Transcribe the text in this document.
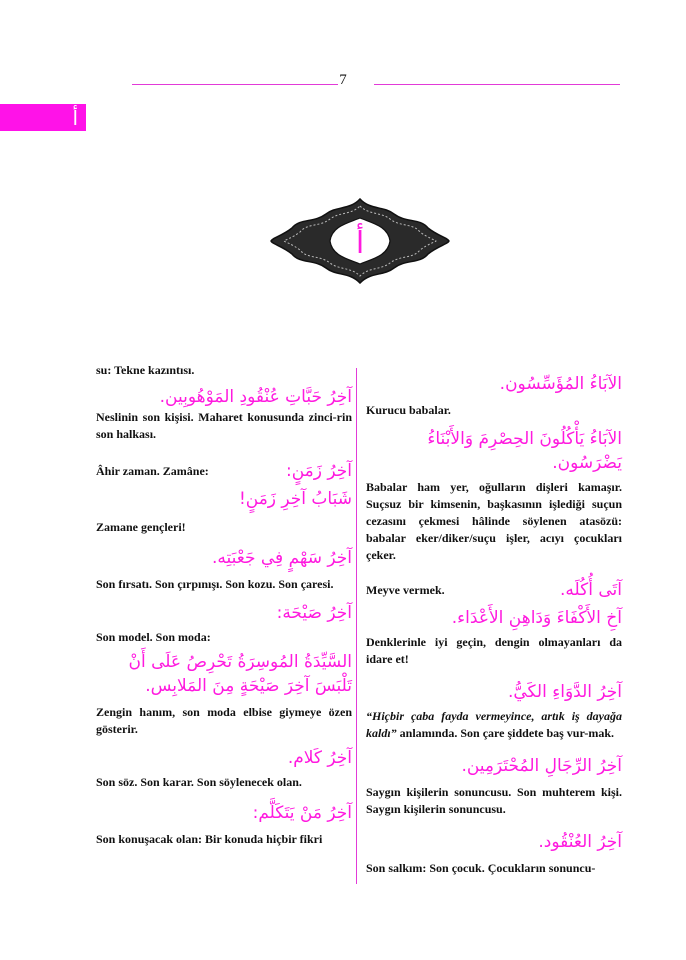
7
أ
أ

su: Tekne kazıntısı.

آخِرُ حَبَّاتِ عُنْقُودِ المَوْهُوبِين.

Neslinin son kişisi. Maharet konusunda zinci-rin son halkası.

Âhir zaman. Zamâne:	آخِرُ زَمَنٍ:

شَبَابُ آخِرِ زَمَنٍ!

Zamane gençleri!

آخِرُ سَهْمٍ فِي جَعْبَتِه.

Son fırsatı. Son çırpınışı. Son kozu. Son çaresi.

آخِرُ صَيْحَة:

Son model. Son moda:

السَّيِّدَةُ المُوسِرَةُ تَحْرِصُ عَلَى أَنْ تَلْبَسَ آخِرَ صَيْحَةٍ مِنَ المَلابِس.

Zengin hanım, son moda elbise giymeye özen gösterir.

آخِرُ كَلام.

Son söz. Son karar. Son söylenecek olan.

آخِرُ مَنْ يَتَكَلَّم:

Son konuşacak olan: Bir konuda hiçbir fikri

الآبَاءُ المُؤَسِّسُون.

Kurucu babalar.

الآبَاءُ يَأْكُلُونَ الحِصْرِمَ وَالأَبْنَاءُ يَضْرَسُون.

Babalar ham yer, oğulların dişleri kamaşır. Suçsuz bir kimsenin, başkasının işlediği suçun cezasını çekmesi hâlinde söylenen atasözü: babalar eker/diker/suçu işler, acıyı çocukları çeker.

Meyve vermek.	آتَى أُكُلَه.

آخِ الأَكْفَاءَ وَدَاهِنِ الأَعْدَاء.

Denklerinle iyi geçin, dengin olmayanları da idare et!

آخِرُ الدَّوَاءِ الكَيُّ.

“Hiçbir çaba fayda vermeyince, artık iş dayağa kaldı” anlamında. Son çare şiddete baş vur-mak.

آخِرُ الرِّجَالِ المُحْتَرَمِين.

Saygın kişilerin sonuncusu. Son muhterem kişi. Saygın kişilerin sonuncusu.

آخِرُ العُنْقُود.

Son salkım: Son çocuk. Çocukların sonuncu-
